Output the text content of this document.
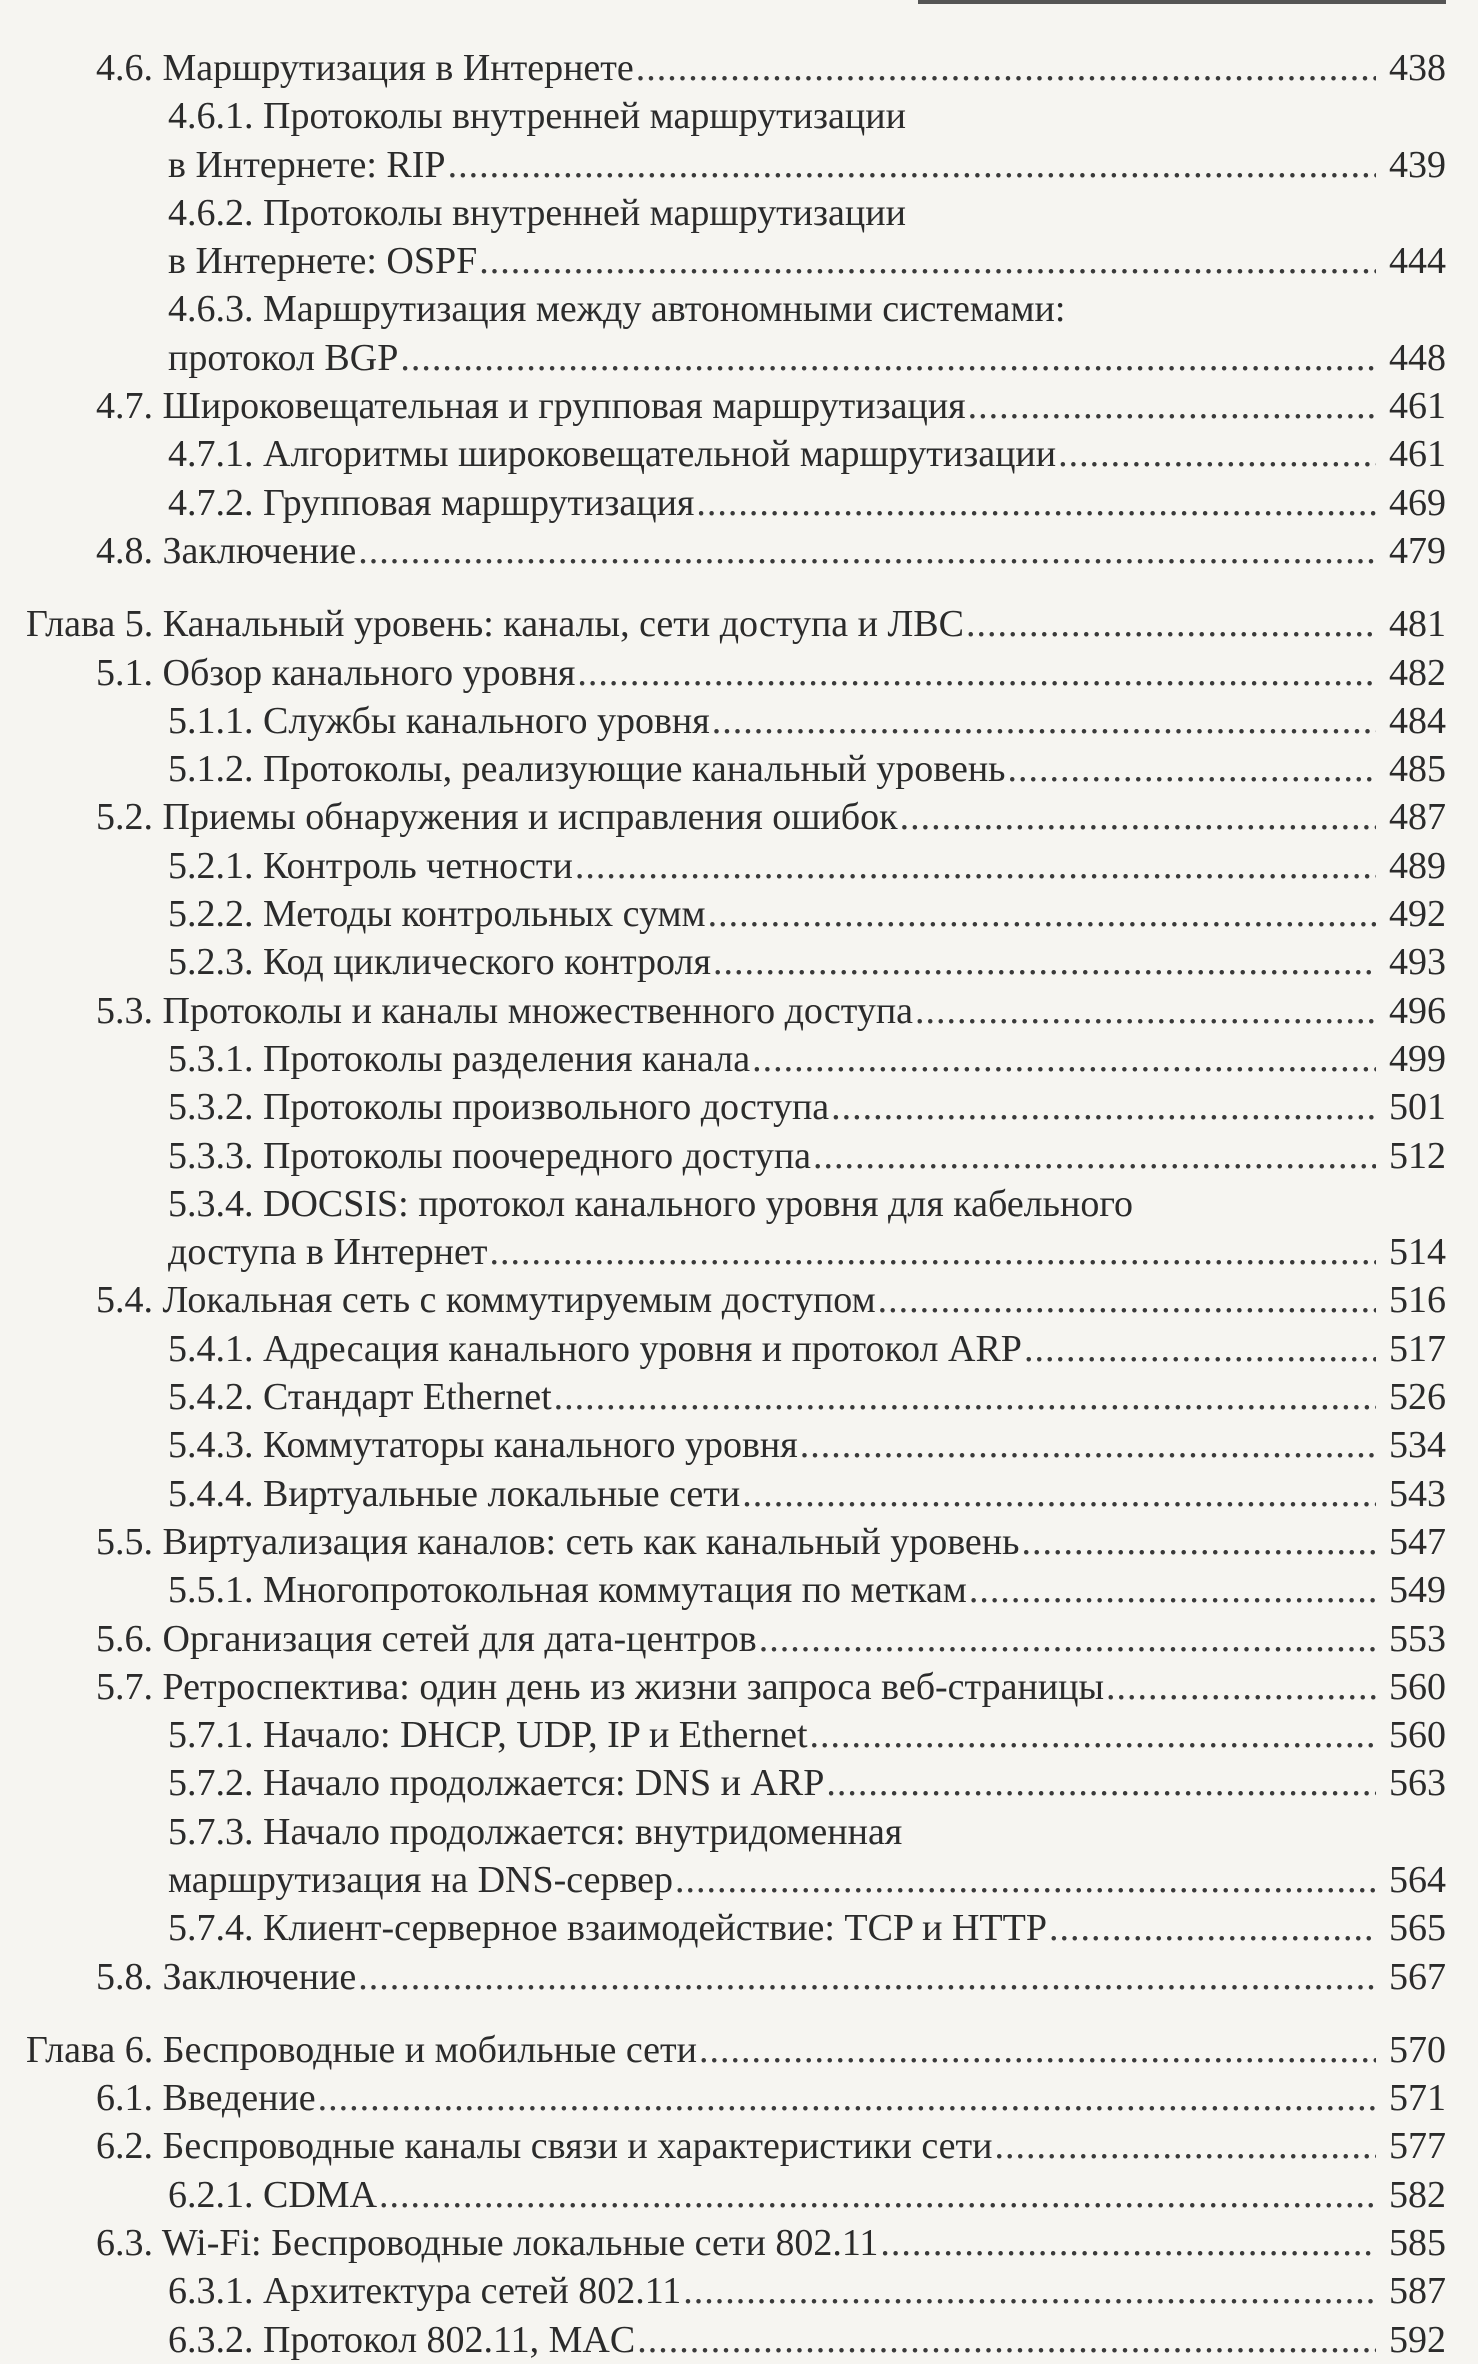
4.6. Маршрутизация в Интернете .....	438
4.6.1. Протоколы внутренней маршрутизации
в Интернете: RIP .....	439
4.6.2. Протоколы внутренней маршрутизации
в Интернете: OSPF .....	444
4.6.3. Маршрутизация между автономными системами:
протокол BGP .....	448
4.7. Широковещательная и групповая маршрутизация .....	461
4.7.1. Алгоритмы широковещательной маршрутизации .....	461
4.7.2. Групповая маршрутизация .....	469
4.8. Заключение .....	479
Глава 5. Канальный уровень: каналы, сети доступа и ЛВС .....	481
5.1. Обзор канального уровня .....	482
5.1.1. Службы канального уровня .....	484
5.1.2. Протоколы, реализующие канальный уровень .....	485
5.2. Приемы обнаружения и исправления ошибок .....	487
5.2.1. Контроль четности .....	489
5.2.2. Методы контрольных сумм .....	492
5.2.3. Код циклического контроля .....	493
5.3. Протоколы и каналы множественного доступа .....	496
5.3.1. Протоколы разделения канала .....	499
5.3.2. Протоколы произвольного доступа .....	501
5.3.3. Протоколы поочередного доступа .....	512
5.3.4. DOCSIS: протокол канального уровня для кабельного
доступа в Интернет .....	514
5.4. Локальная сеть с коммутируемым доступом .....	516
5.4.1. Адресация канального уровня и протокол ARP .....	517
5.4.2. Стандарт Ethernet .....	526
5.4.3. Коммутаторы канального уровня .....	534
5.4.4. Виртуальные локальные сети .....	543
5.5. Виртуализация каналов: сеть как канальный уровень .....	547
5.5.1. Многопротокольная коммутация по меткам .....	549
5.6. Организация сетей для дата-центров .....	553
5.7. Ретроспектива: один день из жизни запроса веб-страницы .....	560
5.7.1. Начало: DHCP, UDP, IP и Ethernet .....	560
5.7.2. Начало продолжается: DNS и ARP .....	563
5.7.3. Начало продолжается: внутридоменная
маршрутизация на DNS-сервер .....	564
5.7.4. Клиент-серверное взаимодействие: TCP и HTTP .....	565
5.8. Заключение .....	567
Глава 6. Беспроводные и мобильные сети .....	570
6.1. Введение .....	571
6.2. Беспроводные каналы связи и характеристики сети .....	577
6.2.1. CDMA .....	582
6.3. Wi-Fi: Беспроводные локальные сети 802.11 .....	585
6.3.1. Архитектура сетей 802.11 .....	587
6.3.2. Протокол 802.11, MAC .....	592
